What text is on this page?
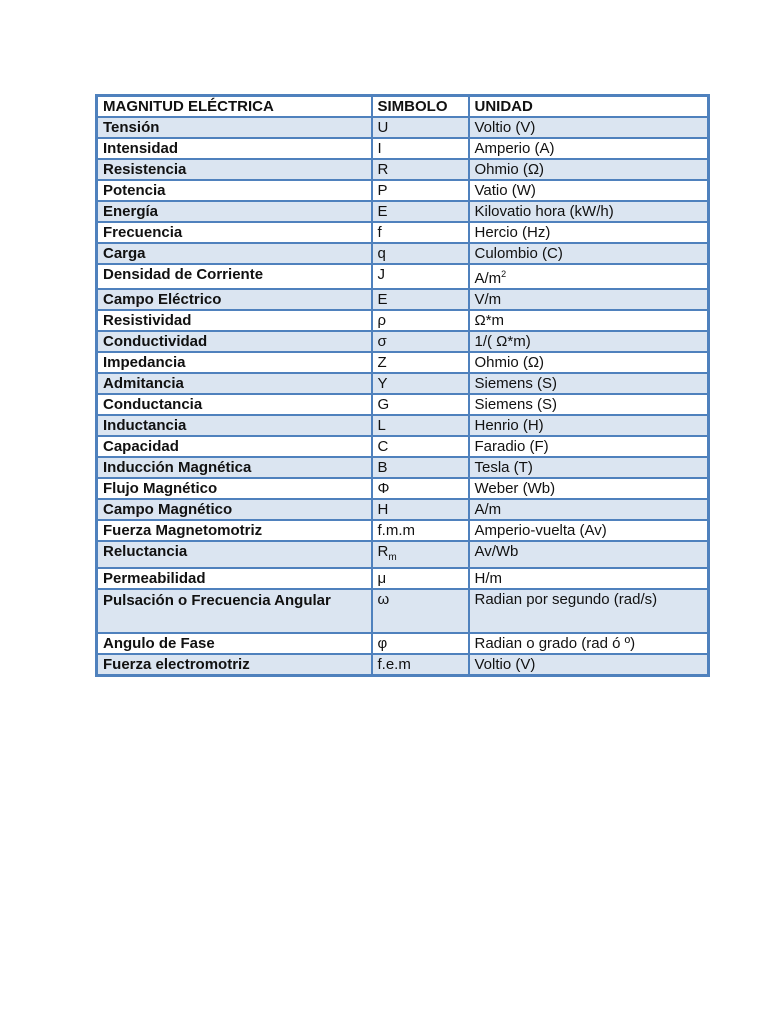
MAGNITUD ELÉCTRICA	SIMBOLO	UNIDAD
Tensión	U	Voltio (V)
Intensidad	I	Amperio (A)
Resistencia	R	Ohmio (Ω)
Potencia	P	Vatio (W)
Energía	E	Kilovatio hora (kW/h)
Frecuencia	f	Hercio (Hz)
Carga	q	Culombio (C)
Densidad de Corriente	J	$A/m^2$
Campo Eléctrico	E	V/m
Resistividad	ρ	Ω*m
Conductividad	σ	1/( Ω*m)
Impedancia	Z	Ohmio (Ω)
Admitancia	Y	Siemens (S)
Conductancia	G	Siemens (S)
Inductancia	L	Henrio (H)
Capacidad	C	Faradio (F)
Inducción Magnética	B	Tesla (T)
Flujo Magnético	Φ	Weber (Wb)
Campo Magnético	H	A/m
Fuerza Magnetomotriz	f.m.m	Amperio-vuelta (Av)
Reluctancia	$R_m$	Av/Wb
Permeabilidad	μ	H/m
Pulsación o Frecuencia Angular	ω	Radian por segundo (rad/s)
Angulo de Fase	φ	Radian o grado (rad ó º)
Fuerza electromotriz	f.e.m	Voltio (V)
